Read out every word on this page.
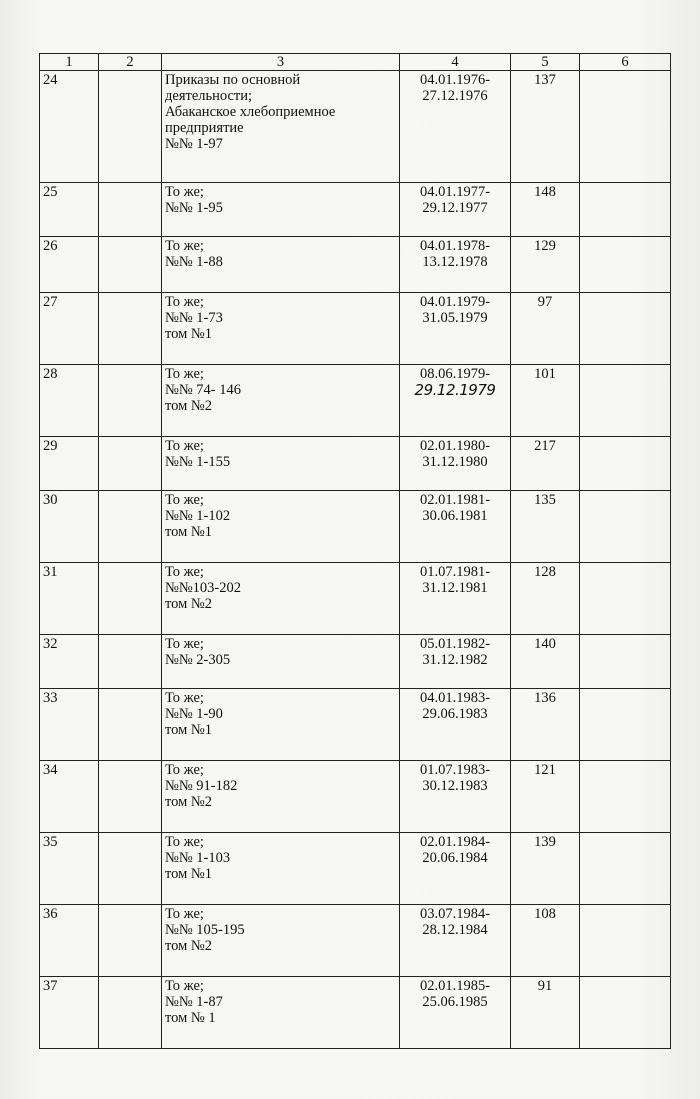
1	2	3	4	5	6
24		Приказы по основной
деятельности;
Абаканское хлебоприемное
предприятие
№№ 1-97	04.01.1976-
27.12.1976	137	
25		То же;
№№ 1-95	04.01.1977-
29.12.1977	148	
26		То же;
№№ 1-88	04.01.1978-
13.12.1978	129	
27		То же;
№№ 1-73
том №1	04.01.1979-
31.05.1979	97	
28		То же;
№№ 74- 146
том №2	08.06.1979-
29.12.1979	101	
29		То же;
№№ 1-155	02.01.1980-
31.12.1980	217	
30		То же;
№№ 1-102
том №1	02.01.1981-
30.06.1981	135	
31		То же;
№№103-202
том №2	01.07.1981-
31.12.1981	128	
32		То же;
№№ 2-305	05.01.1982-
31.12.1982	140	
33		То же;
№№ 1-90
том №1	04.01.1983-
29.06.1983	136	
34		То же;
№№ 91-182
том №2	01.07.1983-
30.12.1983	121	
35		То же;
№№ 1-103
том №1	02.01.1984-
20.06.1984	139	
36		То же;
№№ 105-195
том №2	03.07.1984-
28.12.1984	108	
37		То же;
№№ 1-87
том № 1	02.01.1985-
25.06.1985	91	
